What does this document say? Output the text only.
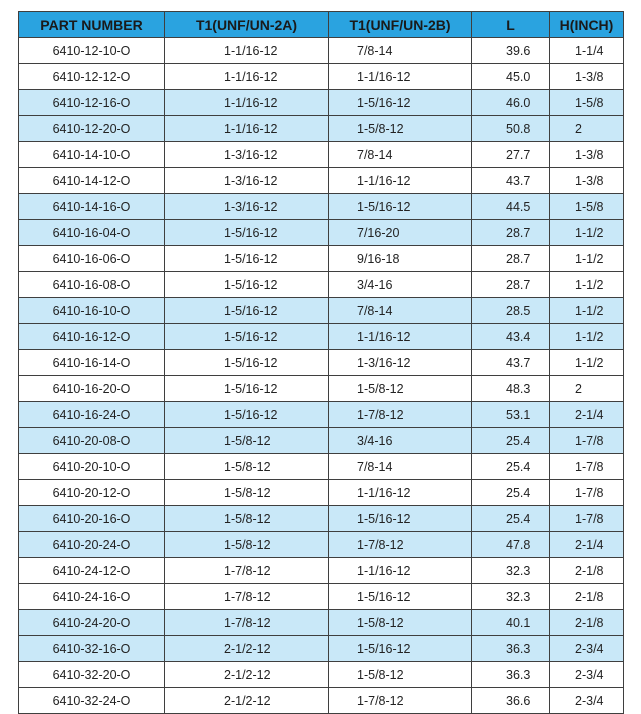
PART NUMBER	T1(UNF/UN-2A)	T1(UNF/UN-2B)	L	H(INCH)
6410-12-10-O	1-1/16-12	7/8-14	39.6	1-1/4
6410-12-12-O	1-1/16-12	1-1/16-12	45.0	1-3/8
6410-12-16-O	1-1/16-12	1-5/16-12	46.0	1-5/8
6410-12-20-O	1-1/16-12	1-5/8-12	50.8	2
6410-14-10-O	1-3/16-12	7/8-14	27.7	1-3/8
6410-14-12-O	1-3/16-12	1-1/16-12	43.7	1-3/8
6410-14-16-O	1-3/16-12	1-5/16-12	44.5	1-5/8
6410-16-04-O	1-5/16-12	7/16-20	28.7	1-1/2
6410-16-06-O	1-5/16-12	9/16-18	28.7	1-1/2
6410-16-08-O	1-5/16-12	3/4-16	28.7	1-1/2
6410-16-10-O	1-5/16-12	7/8-14	28.5	1-1/2
6410-16-12-O	1-5/16-12	1-1/16-12	43.4	1-1/2
6410-16-14-O	1-5/16-12	1-3/16-12	43.7	1-1/2
6410-16-20-O	1-5/16-12	1-5/8-12	48.3	2
6410-16-24-O	1-5/16-12	1-7/8-12	53.1	2-1/4
6410-20-08-O	1-5/8-12	3/4-16	25.4	1-7/8
6410-20-10-O	1-5/8-12	7/8-14	25.4	1-7/8
6410-20-12-O	1-5/8-12	1-1/16-12	25.4	1-7/8
6410-20-16-O	1-5/8-12	1-5/16-12	25.4	1-7/8
6410-20-24-O	1-5/8-12	1-7/8-12	47.8	2-1/4
6410-24-12-O	1-7/8-12	1-1/16-12	32.3	2-1/8
6410-24-16-O	1-7/8-12	1-5/16-12	32.3	2-1/8
6410-24-20-O	1-7/8-12	1-5/8-12	40.1	2-1/8
6410-32-16-O	2-1/2-12	1-5/16-12	36.3	2-3/4
6410-32-20-O	2-1/2-12	1-5/8-12	36.3	2-3/4
6410-32-24-O	2-1/2-12	1-7/8-12	36.6	2-3/4
